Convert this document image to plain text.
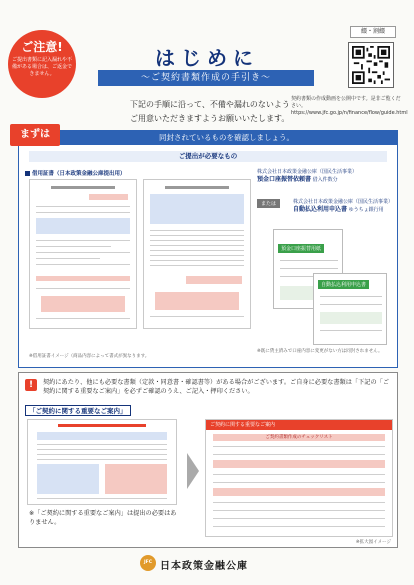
綴・割綴
ご注意!
ご提出書類に記入漏れや不備がある場合は、ご返金できません。
はじめに
～ご契約書類作成の手引き～
契約書類の作成動画を公開中です。是非ご覧ください。https://www.jfc.go.jp/n/finance/flow/guide.html
下記の手順に沿って、不備や漏れのないようご用意いただきますようお願いいたします。
同封されているものを確認しましょう。
ご提出が必要なもの
借用証書（日本政策金融公庫提出用）
※借用証書イメージ（商品内容によって書式が異なります。
株式会社日本政策金融公庫（国民生活事業）
預金口座振替依頼書 借入件数分
または	株式会社日本政策金融公庫（国民生活事業）
自動払込利用申込書 ゆうちょ銀行用
預金口座振替用紙
自動払込利用申込書
※既に貸主済みで口座内容に変更がない方は同封されません。
まずは
!	契約にあたり、他にも必要な書類（定款・同意書・確認書等）がある場合がございます。ご自身に必要な書類は「下記の「ご契約に関する重要なご案内」を必ずご確認のうえ、ご記入・押印ください。
「ご契約に関する重要なご案内」
ご契約に関する重要なご案内
ご契約書類作成のチェックリスト
※拡大図イメージ
※「ご契約に関する重要なご案内」は提出の必要はありません。
JFC 日本政策金融公庫
